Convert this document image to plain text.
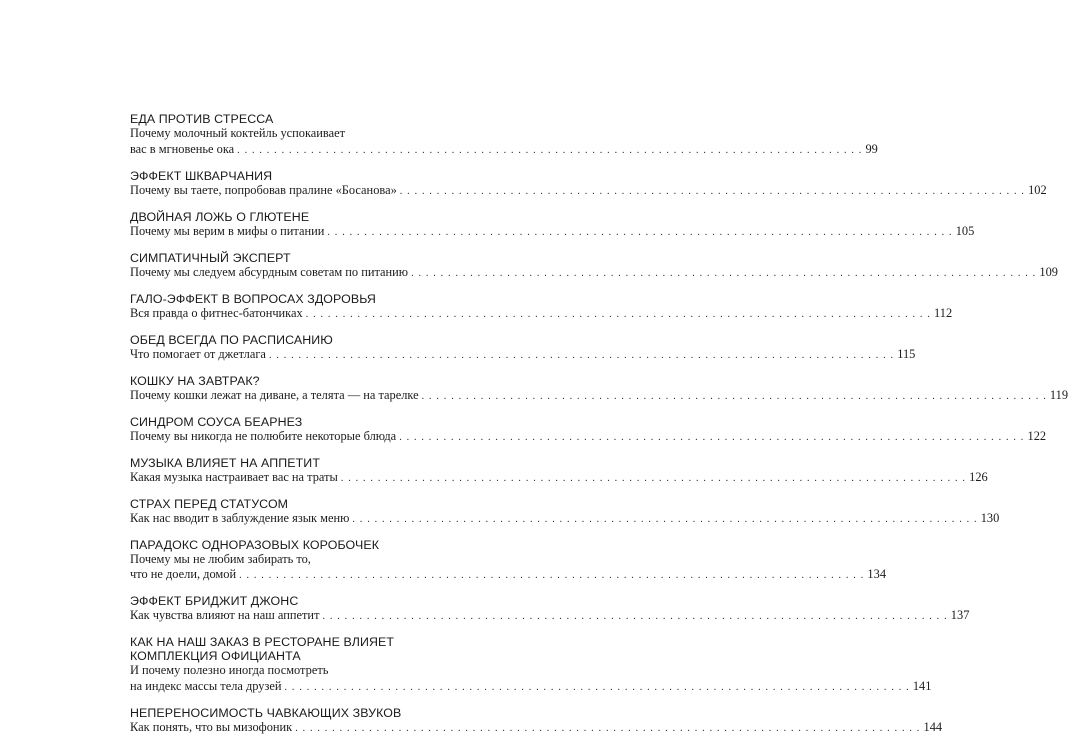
ЕДА ПРОТИВ СТРЕССА
Почему молочный коктейль успокаивает
вас в мгновенье ока . . . . . . . . . . . . . . . . . . . . . . . . . . . . . . . . . . . . . . . . . . . . . . . . . . . . . . . . . . . . . . . . . . . . . . . . . . . . . . . . . . . . . 99
ЭФФЕКТ ШКВАРЧАНИЯ
Почему вы таете, попробовав пралине «Босанова» . . . . . . . . . . . . . . . . . . . . . . . . . . . . . . . . . . . . . . . . . . . . . . . . . . . . . . . . . . . . . . . . . . . . . . . . . . . . . . . . . . . . . 102
ДВОЙНАЯ ЛОЖЬ О ГЛЮТЕНЕ
Почему мы верим в мифы о питании . . . . . . . . . . . . . . . . . . . . . . . . . . . . . . . . . . . . . . . . . . . . . . . . . . . . . . . . . . . . . . . . . . . . . . . . . . . . . . . . . . . . . 105
СИМПАТИЧНЫЙ ЭКСПЕРТ
Почему мы следуем абсурдным советам по питанию . . . . . . . . . . . . . . . . . . . . . . . . . . . . . . . . . . . . . . . . . . . . . . . . . . . . . . . . . . . . . . . . . . . . . . . . . . . . . . . . . . . . . 109
ГАЛО-ЭФФЕКТ В ВОПРОСАХ ЗДОРОВЬЯ
Вся правда о фитнес-батончиках . . . . . . . . . . . . . . . . . . . . . . . . . . . . . . . . . . . . . . . . . . . . . . . . . . . . . . . . . . . . . . . . . . . . . . . . . . . . . . . . . . . . . 112
ОБЕД ВСЕГДА ПО РАСПИСАНИЮ
Что помогает от джетлага . . . . . . . . . . . . . . . . . . . . . . . . . . . . . . . . . . . . . . . . . . . . . . . . . . . . . . . . . . . . . . . . . . . . . . . . . . . . . . . . . . . . . 115
КОШКУ НА ЗАВТРАК?
Почему кошки лежат на диване, а телята — на тарелке . . . . . . . . . . . . . . . . . . . . . . . . . . . . . . . . . . . . . . . . . . . . . . . . . . . . . . . . . . . . . . . . . . . . . . . . . . . . . . . . . . . . . 119
СИНДРОМ СОУСА БЕАРНЕЗ
Почему вы никогда не полюбите некоторые блюда . . . . . . . . . . . . . . . . . . . . . . . . . . . . . . . . . . . . . . . . . . . . . . . . . . . . . . . . . . . . . . . . . . . . . . . . . . . . . . . . . . . . . 122
МУЗЫКА ВЛИЯЕТ НА АППЕТИТ
Какая музыка настраивает вас на траты . . . . . . . . . . . . . . . . . . . . . . . . . . . . . . . . . . . . . . . . . . . . . . . . . . . . . . . . . . . . . . . . . . . . . . . . . . . . . . . . . . . . . 126
СТРАХ ПЕРЕД СТАТУСОМ
Как нас вводит в заблуждение язык меню . . . . . . . . . . . . . . . . . . . . . . . . . . . . . . . . . . . . . . . . . . . . . . . . . . . . . . . . . . . . . . . . . . . . . . . . . . . . . . . . . . . . . 130
ПАРАДОКС ОДНОРАЗОВЫХ КОРОБОЧЕК
Почему мы не любим забирать то,
что не доели, домой . . . . . . . . . . . . . . . . . . . . . . . . . . . . . . . . . . . . . . . . . . . . . . . . . . . . . . . . . . . . . . . . . . . . . . . . . . . . . . . . . . . . . 134
ЭФФЕКТ БРИДЖИТ ДЖОНС
Как чувства влияют на наш аппетит . . . . . . . . . . . . . . . . . . . . . . . . . . . . . . . . . . . . . . . . . . . . . . . . . . . . . . . . . . . . . . . . . . . . . . . . . . . . . . . . . . . . . 137
КАК НА НАШ ЗАКАЗ В РЕСТОРАНЕ ВЛИЯЕТ
КОМПЛЕКЦИЯ ОФИЦИАНТА
И почему полезно иногда посмотреть
на индекс массы тела друзей . . . . . . . . . . . . . . . . . . . . . . . . . . . . . . . . . . . . . . . . . . . . . . . . . . . . . . . . . . . . . . . . . . . . . . . . . . . . . . . . . . . . . 141
НЕПЕРЕНОСИМОСТЬ ЧАВКАЮЩИХ ЗВУКОВ
Как понять, что вы мизофоник . . . . . . . . . . . . . . . . . . . . . . . . . . . . . . . . . . . . . . . . . . . . . . . . . . . . . . . . . . . . . . . . . . . . . . . . . . . . . . . . . . . . . 144
